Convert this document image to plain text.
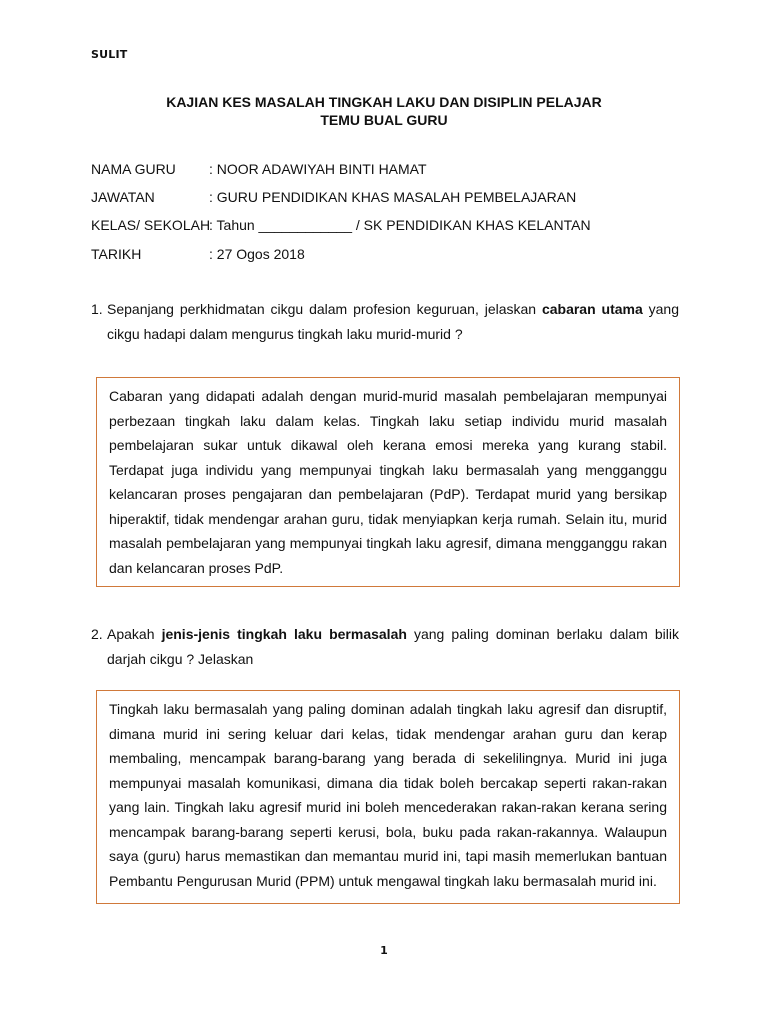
SULIT
KAJIAN KES MASALAH TINGKAH LAKU DAN DISIPLIN PELAJAR
TEMU BUAL GURU
NAMA GURU : NOOR ADAWIYAH BINTI HAMAT
JAWATAN	: GURU PENDIDIKAN KHAS MASALAH PEMBELAJARAN
KELAS/ SEKOLAH: Tahun ____________ / SK PENDIDIKAN KHAS KELANTAN
TARIKH	: 27 Ogos 2018
1. Sepanjang perkhidmatan cikgu dalam profesion keguruan, jelaskan cabaran utama yang cikgu hadapi dalam mengurus tingkah laku murid-murid ?

Cabaran yang didapati adalah dengan murid-murid masalah pembelajaran mempunyai perbezaan tingkah laku dalam kelas. Tingkah laku setiap individu murid masalah pembelajaran sukar untuk dikawal oleh kerana emosi mereka yang kurang stabil. Terdapat juga individu yang mempunyai tingkah laku bermasalah yang mengganggu kelancaran proses pengajaran dan pembelajaran (PdP). Terdapat murid yang bersikap hiperaktif, tidak mendengar arahan guru, tidak menyiapkan kerja rumah. Selain itu, murid masalah pembelajaran yang mempunyai tingkah laku agresif, dimana mengganggu rakan dan kelancaran proses PdP.

2. Apakah jenis-jenis tingkah laku bermasalah yang paling dominan berlaku dalam bilik darjah cikgu ? Jelaskan

Tingkah laku bermasalah yang paling dominan adalah tingkah laku agresif dan disruptif, dimana murid ini sering keluar dari kelas, tidak mendengar arahan guru dan kerap membaling, mencampak barang-barang yang berada di sekelilingnya. Murid ini juga mempunyai masalah komunikasi, dimana dia tidak boleh bercakap seperti rakan-rakan yang lain. Tingkah laku agresif murid ini boleh mencederakan rakan-rakan kerana sering mencampak barang-barang seperti kerusi, bola, buku pada rakan-rakannya. Walaupun saya (guru) harus memastikan dan memantau murid ini, tapi masih memerlukan bantuan Pembantu Pengurusan Murid (PPM) untuk mengawal tingkah laku bermasalah murid ini.

1
